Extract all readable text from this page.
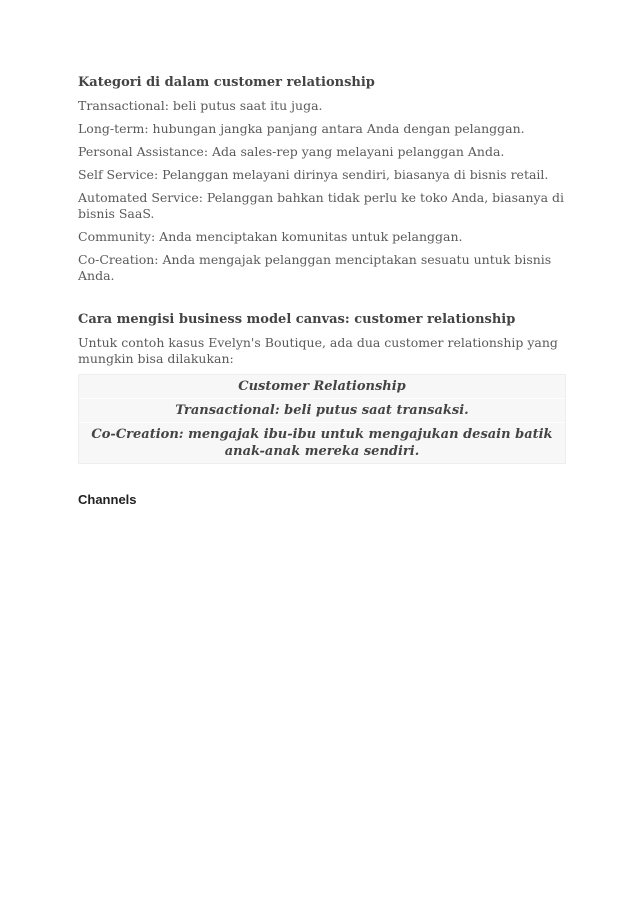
Kategori di dalam customer relationship
Transactional: beli putus saat itu juga.
Long-term: hubungan jangka panjang antara Anda dengan pelanggan.
Personal Assistance: Ada sales-rep yang melayani pelanggan Anda.
Self Service: Pelanggan melayani dirinya sendiri, biasanya di bisnis retail.
Automated Service: Pelanggan bahkan tidak perlu ke toko Anda, biasanya di bisnis SaaS.
Community: Anda menciptakan komunitas untuk pelanggan.
Co-Creation: Anda mengajak pelanggan menciptakan sesuatu untuk bisnis Anda.
Cara mengisi business model canvas: customer relationship
Untuk contoh kasus Evelyn's Boutique, ada dua customer relationship yang mungkin bisa dilakukan:
Customer Relationship
Transactional: beli putus saat transaksi.
Co-Creation: mengajak ibu-ibu untuk mengajukan desain batik anak-anak mereka sendiri.
Channels
